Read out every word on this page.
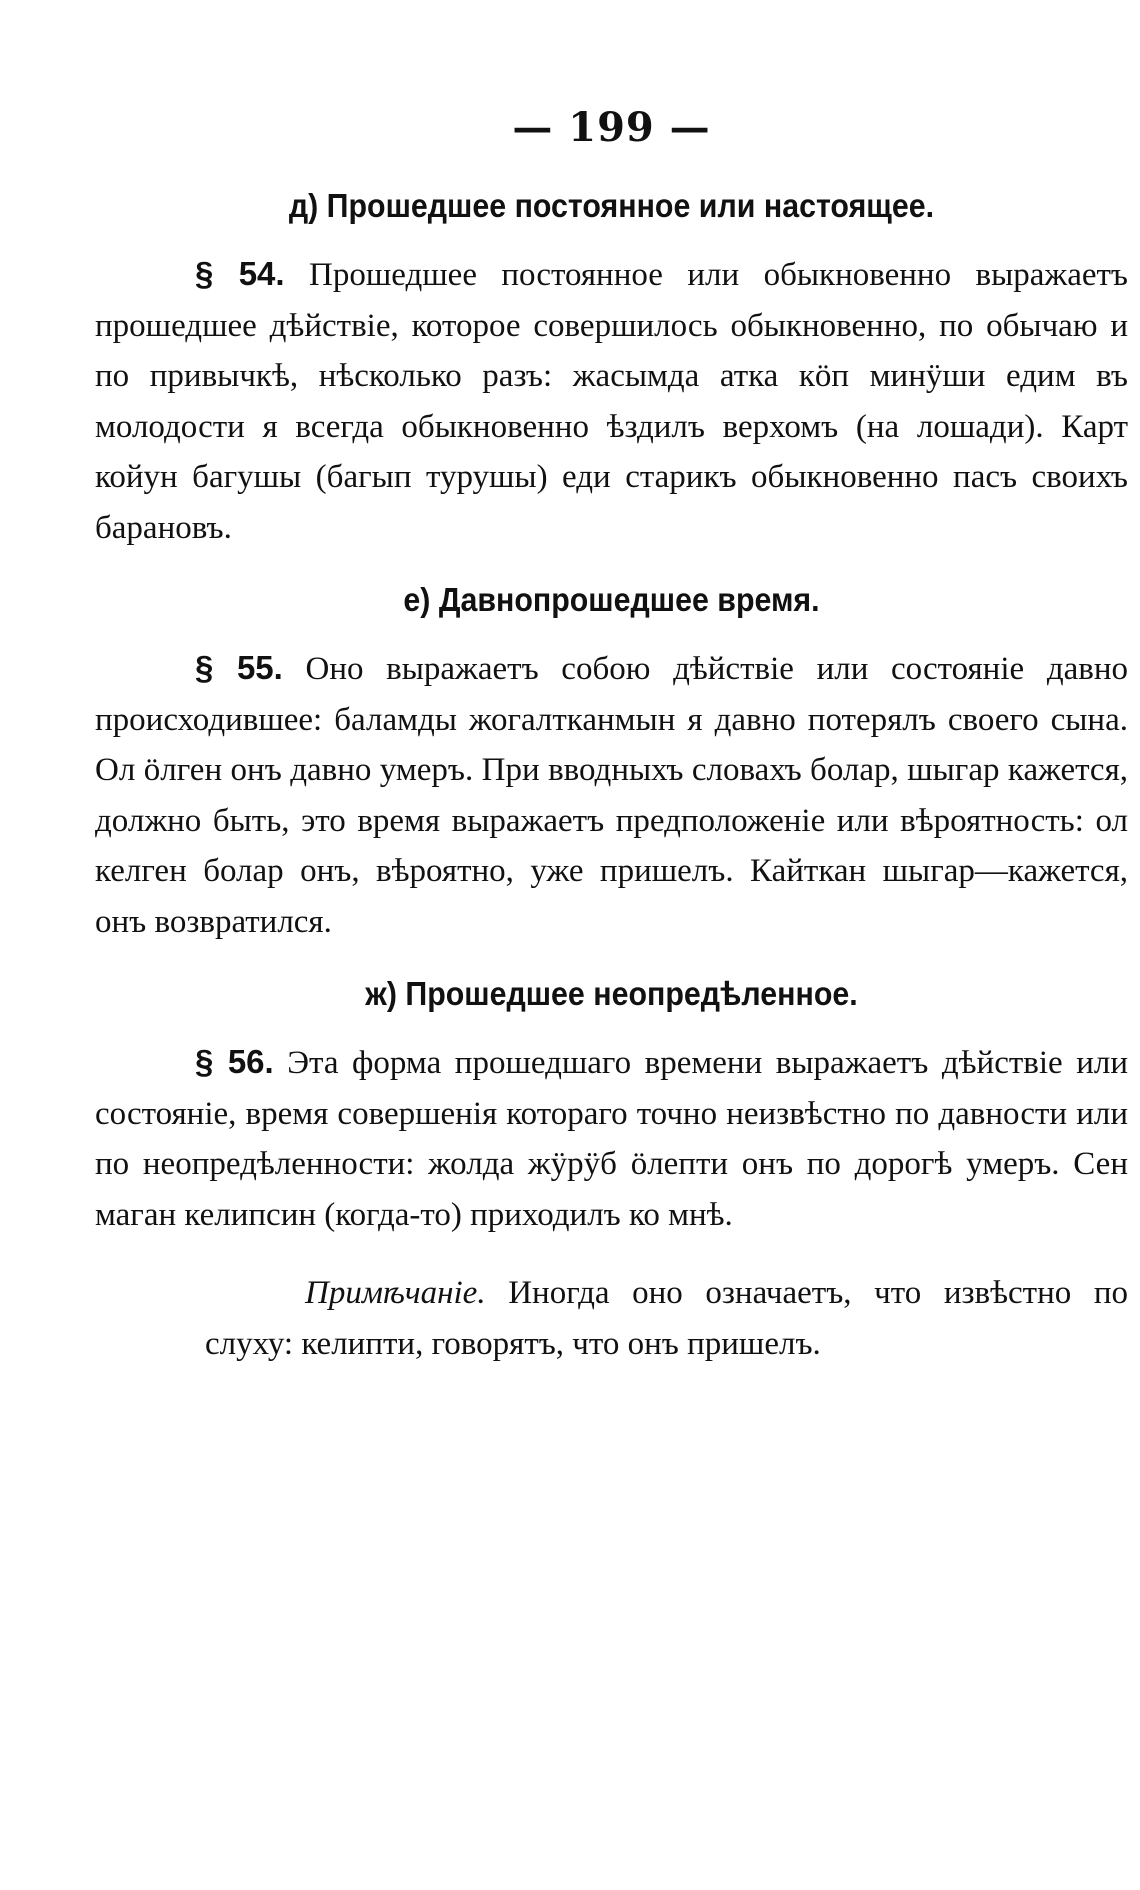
— 199 —
д) Прошедшее постоянное или настоящее.

§ 54. Прошедшее постоянное или обыкновенно выражаетъ прошедшее дѣйствіе, которое совершилось обыкновенно, по обычаю и по привычкѣ, нѣсколько разъ: жасымда атка кӧп минӱши едим въ молодости я всегда обыкновенно ѣздилъ верхомъ (на лошади). Карт койун багушы (багып турушы) еди старикъ обыкновенно пасъ своихъ барановъ.

е) Давнопрошедшее время.

§ 55. Оно выражаетъ собою дѣйствіе или состояніе давно происходившее: баламды жогалтканмын я давно потерялъ своего сына. Ол ӧлген онъ давно умеръ. При вводныхъ словахъ болар, шыгар кажется, должно быть, это время выражаетъ предположеніе или вѣроятность: ол келген болар онъ, вѣроятно, уже пришелъ. Кайткан шыгар—кажется, онъ возвратился.

ж) Прошедшее неопредѣленное.

§ 56. Эта форма прошедшаго времени выражаетъ дѣйствіе или состояніе, время совершенія котораго точно неизвѣстно по давности или по неопредѣленности: жолда жӱрӱб ӧлепти онъ по дорогѣ умеръ. Сен маган келипсин (когда-то) приходилъ ко мнѣ.

Примѣчаніе. Иногда оно означаетъ, что извѣстно по слуху: келипти, говорятъ, что онъ пришелъ.
